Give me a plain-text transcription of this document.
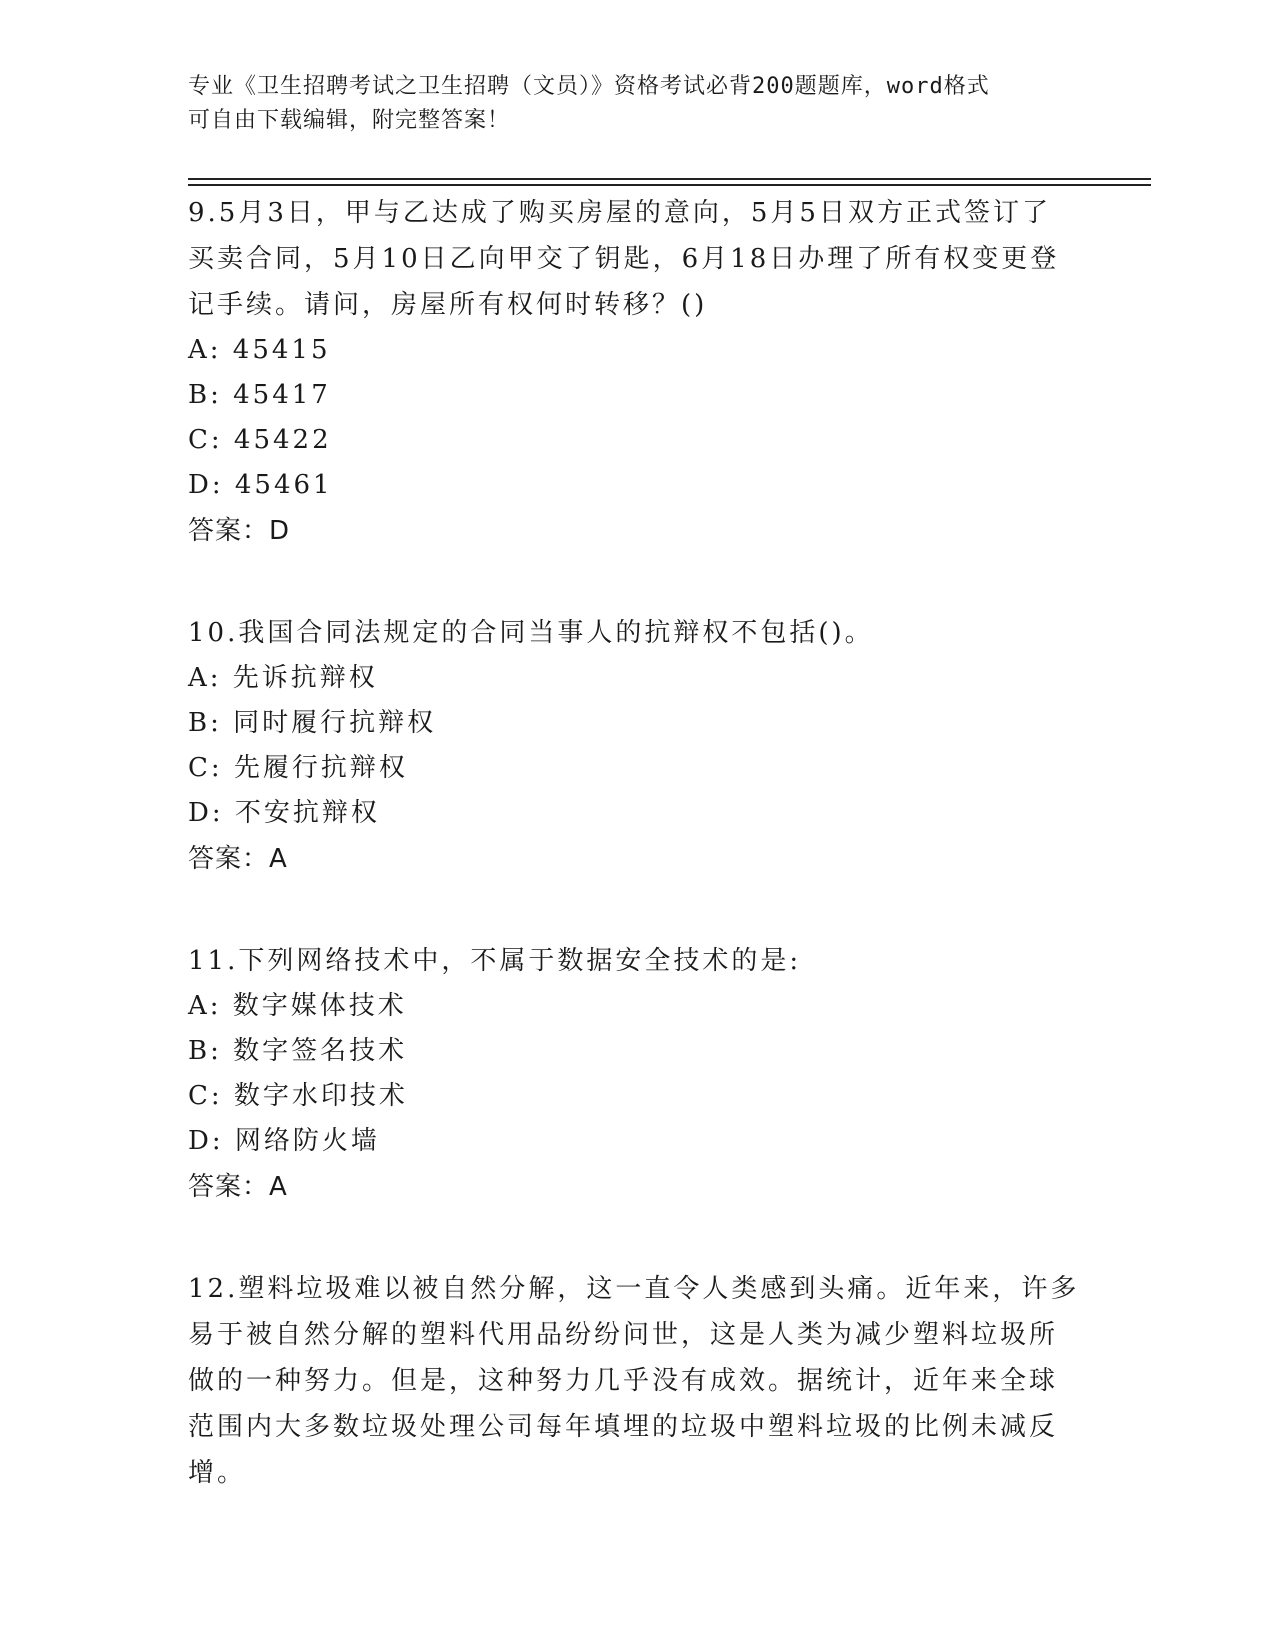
专业《卫生招聘考试之卫生招聘（文员）》资格考试必背200题题库，word格式
可自由下载编辑，附完整答案！
9.5月3日，甲与乙达成了购买房屋的意向，5月5日双方正式签订了
买卖合同，5月10日乙向甲交了钥匙，6月18日办理了所有权变更登
记手续。请问，房屋所有权何时转移？()
A: 45415
B: 45417
C: 45422
D: 45461
答案：D
10.我国合同法规定的合同当事人的抗辩权不包括()。
A: 先诉抗辩权
B: 同时履行抗辩权
C: 先履行抗辩权
D: 不安抗辩权
答案：A
11.下列网络技术中，不属于数据安全技术的是:
A: 数字媒体技术
B: 数字签名技术
C: 数字水印技术
D: 网络防火墙
答案：A
12.塑料垃圾难以被自然分解，这一直令人类感到头痛。近年来，许多
易于被自然分解的塑料代用品纷纷问世，这是人类为减少塑料垃圾所
做的一种努力。但是，这种努力几乎没有成效。据统计，近年来全球
范围内大多数垃圾处理公司每年填埋的垃圾中塑料垃圾的比例未减反
增。
